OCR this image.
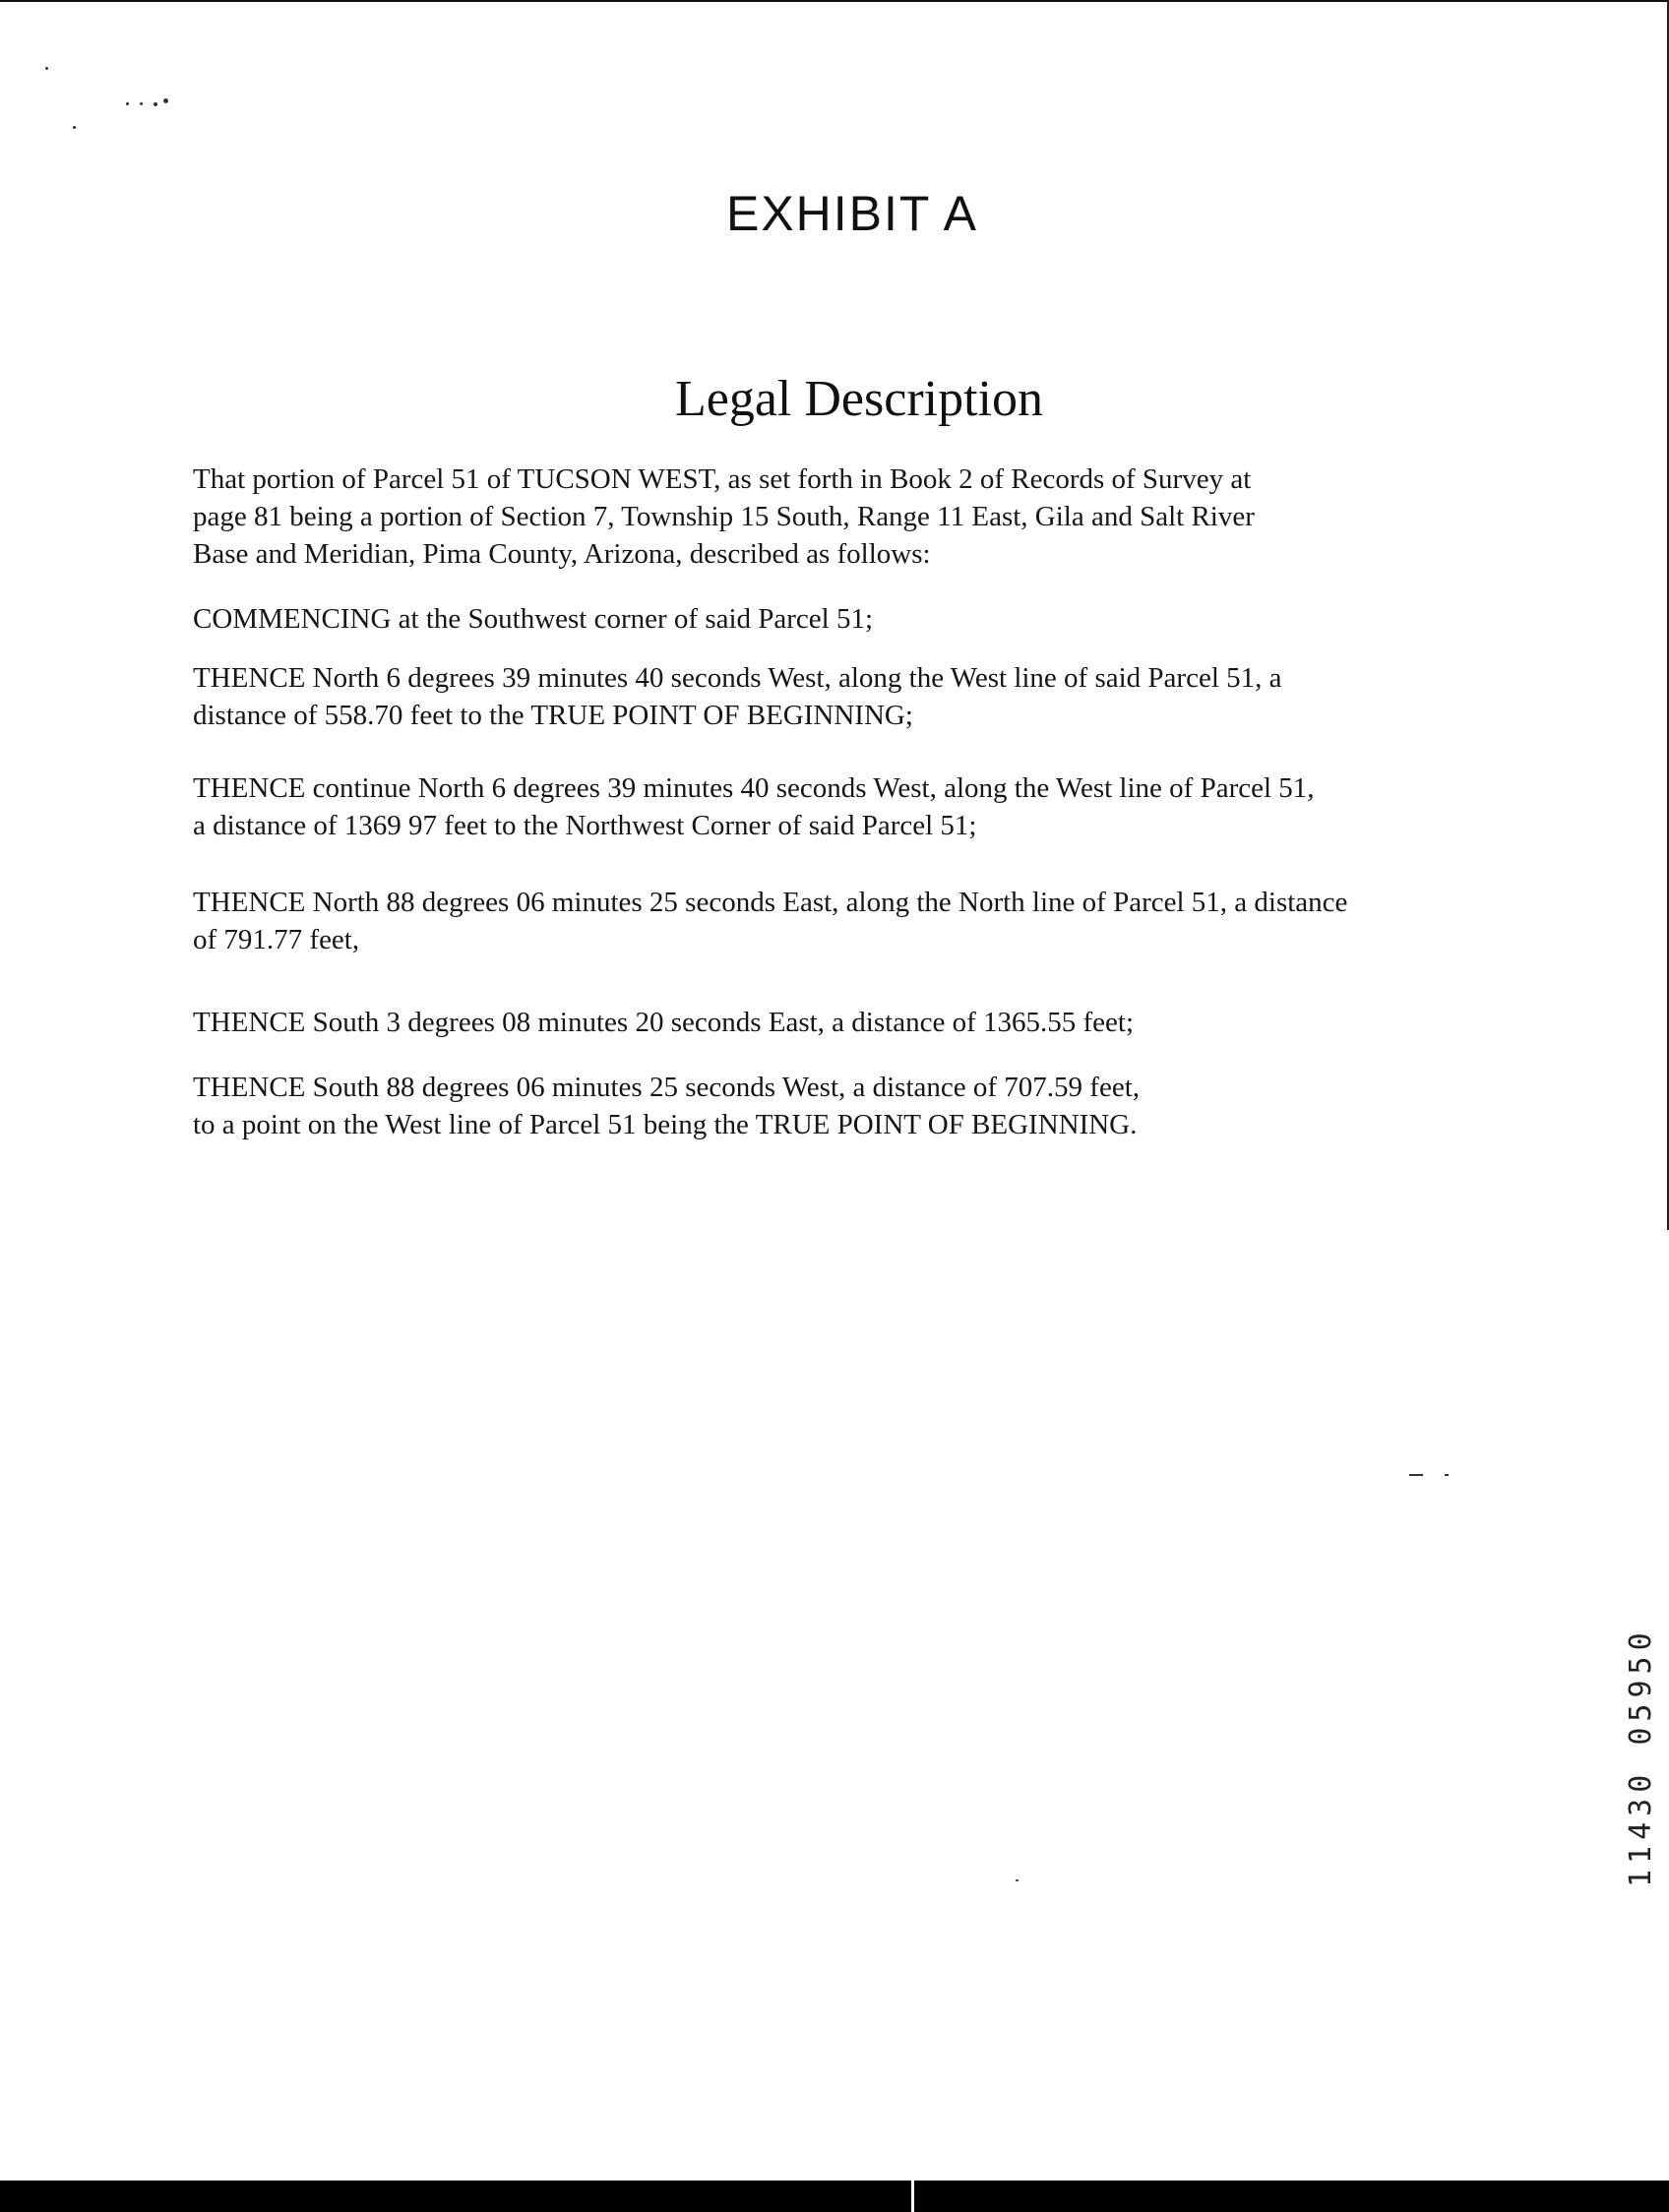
EXHIBIT A
Legal Description
That portion of Parcel 51 of TUCSON WEST, as set forth in Book 2 of Records of Survey at
page 81 being a portion of Section 7, Township 15 South, Range 11 East, Gila and Salt River
Base and Meridian, Pima County, Arizona, described as follows:
COMMENCING at the Southwest corner of said Parcel 51;
THENCE North 6 degrees 39 minutes 40 seconds West, along the West line of said Parcel 51, a
distance of 558.70 feet to the TRUE POINT OF BEGINNING;
THENCE continue North 6 degrees 39 minutes 40 seconds West, along the West line of Parcel 51,
a distance of 1369 97 feet to the Northwest Corner of said Parcel 51;
THENCE North 88 degrees 06 minutes 25 seconds East, along the North line of Parcel 51, a distance
of 791.77 feet,
THENCE South 3 degrees 08 minutes 20 seconds East, a distance of 1365.55 feet;
THENCE South 88 degrees 06 minutes 25 seconds West, a distance of 707.59 feet,
to a point on the West line of Parcel 51 being the TRUE POINT OF BEGINNING.
11430 05950
